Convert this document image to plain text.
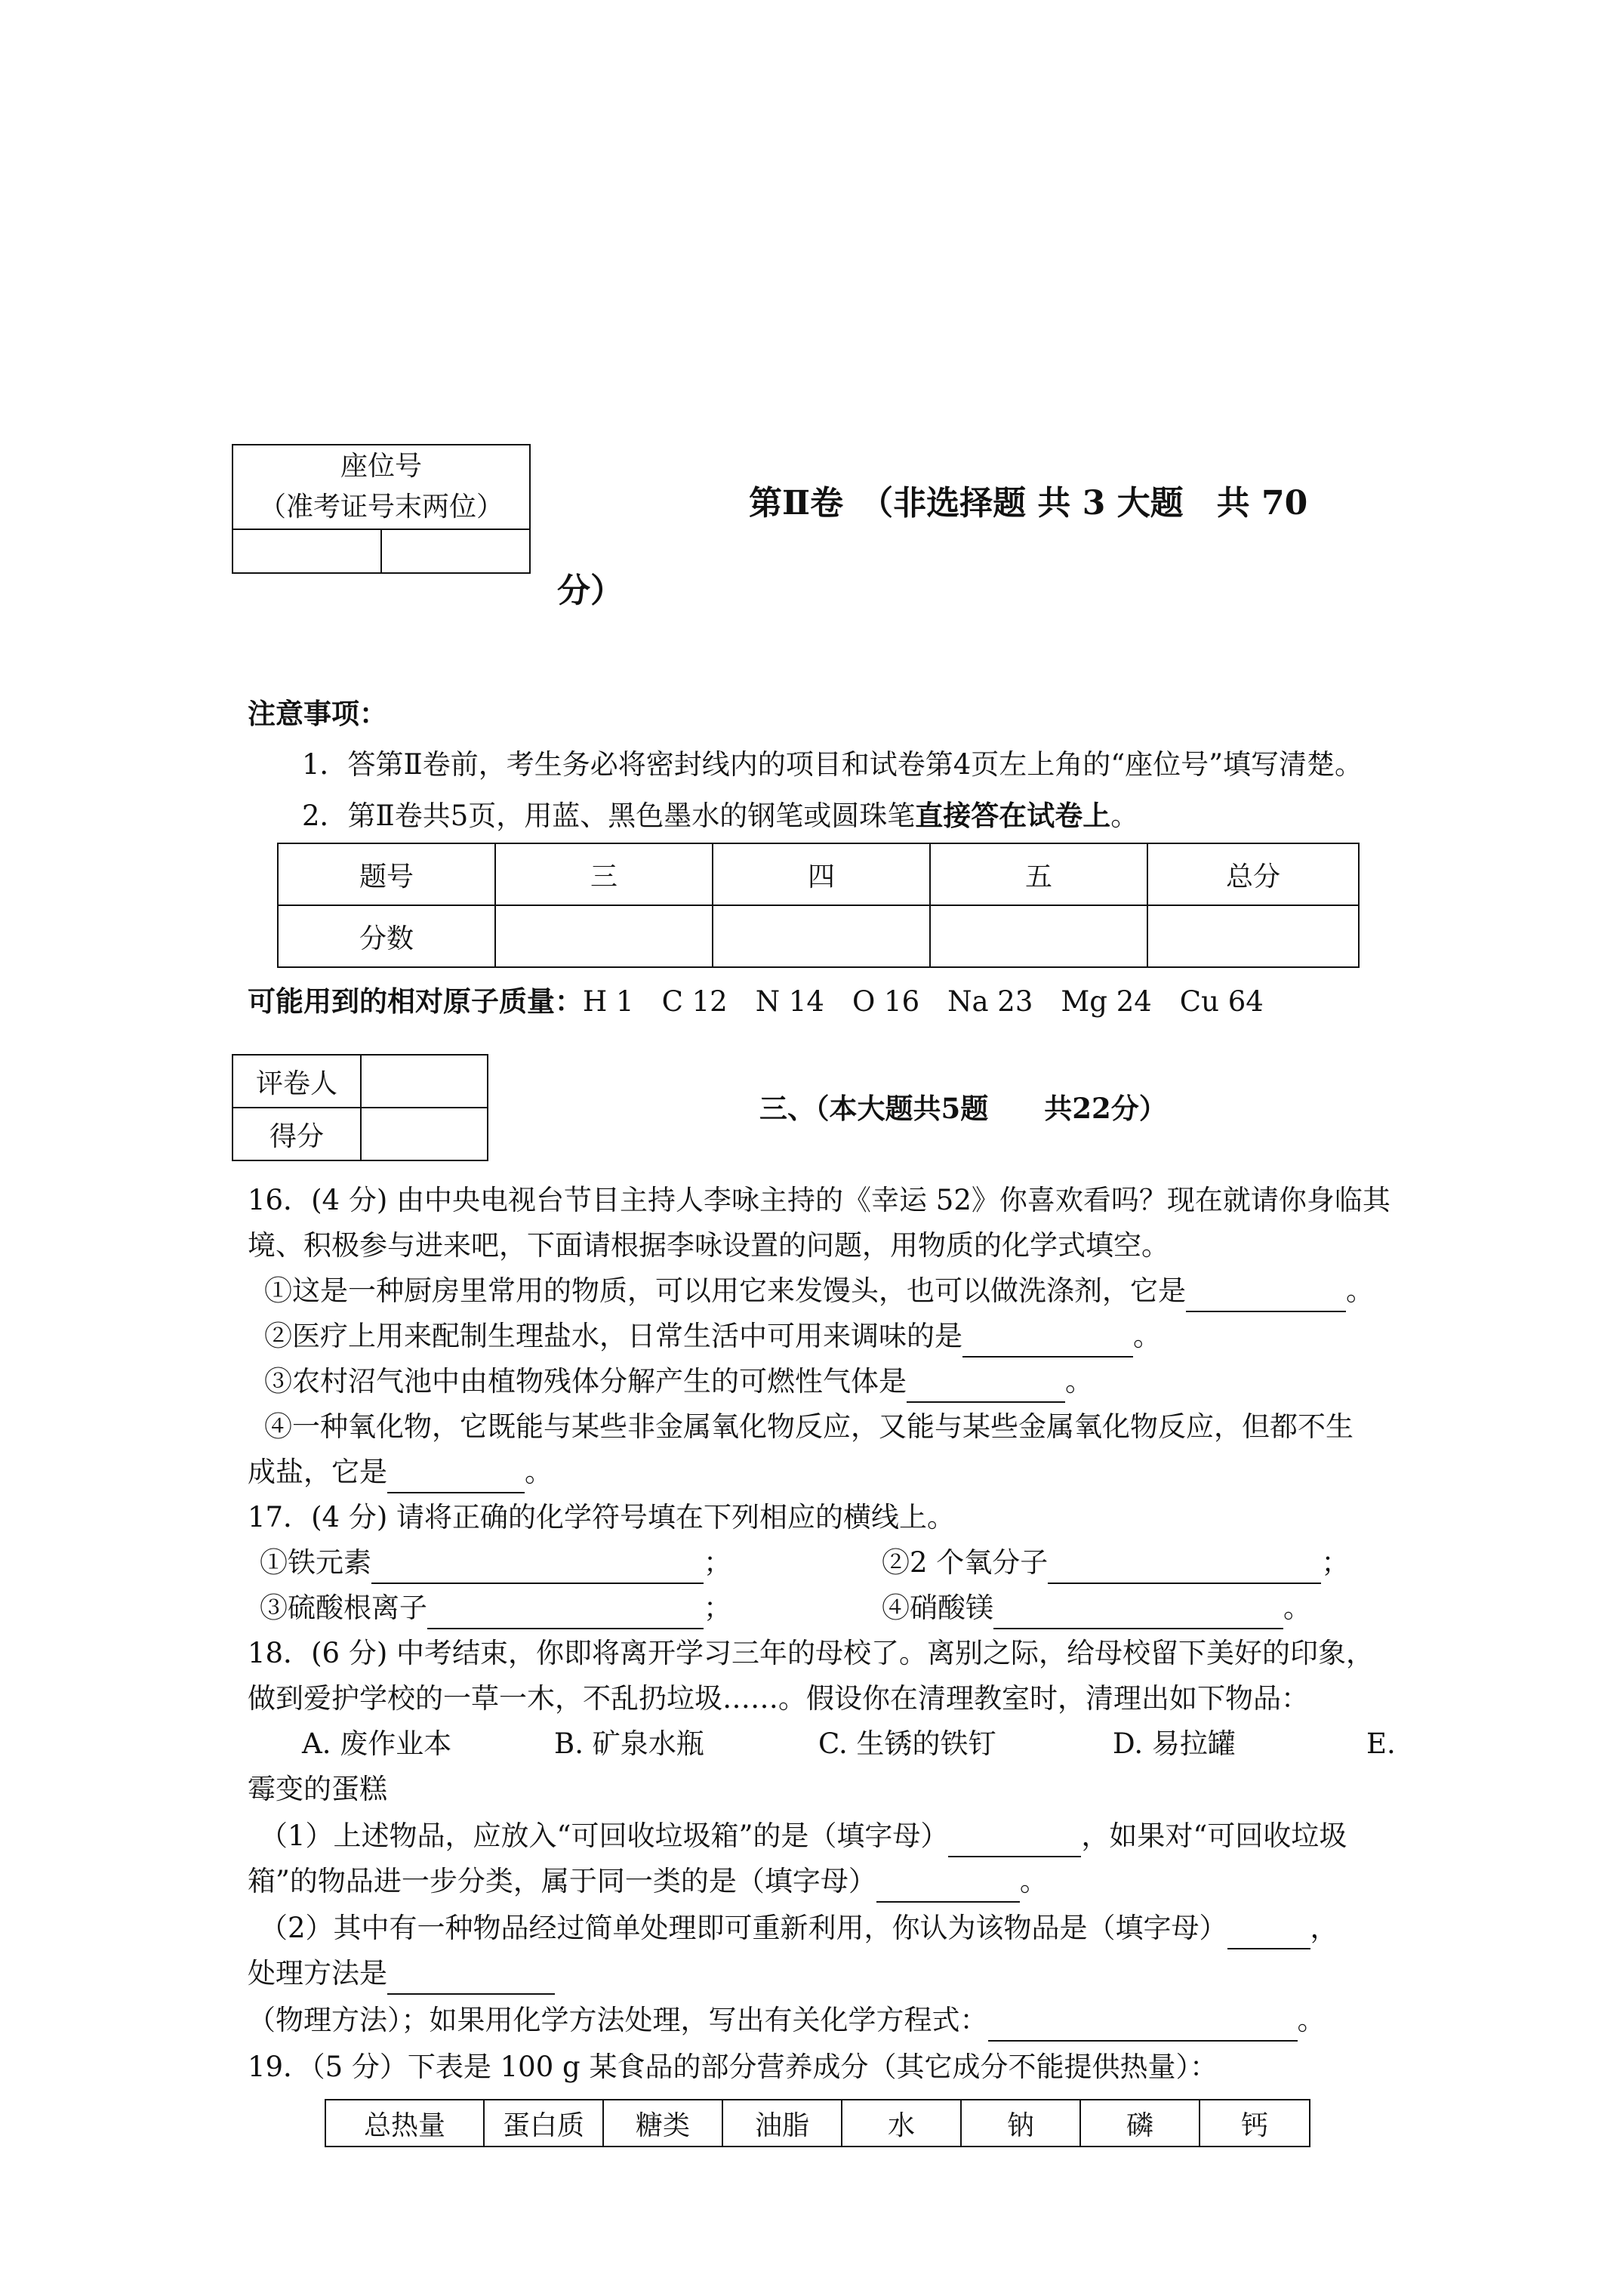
座位号
（准考证号末两位）
		第Ⅱ卷　（非选择题 共 3 大题　共 70
分）
注意事项：
1．答第Ⅱ卷前，考生务必将密封线内的项目和试卷第4页左上角的“座位号”填写清楚。
2．第Ⅱ卷共5页，用蓝、黑色墨水的钢笔或圆珠笔直接答在试卷上。
题号	三	四	五	总分
分数				
可能用到的相对原子质量：H 1　C 12　N 14　O 16　Na 23　Mg 24　Cu 64
评卷人	
得分	
三、（本大题共5题　　共22分）
16．(4 分) 由中央电视台节目主持人李咏主持的《幸运 52》你喜欢看吗？现在就请你身临其
境、积极参与进来吧，下面请根据李咏设置的问题，用物质的化学式填空。
①这是一种厨房里常用的物质，可以用它来发馒头，也可以做洗涤剂，它是	。
②医疗上用来配制生理盐水，日常生活中可用来调味的是	。
③农村沼气池中由植物残体分解产生的可燃性气体是	。
④一种氧化物，它既能与某些非金属氧化物反应，又能与某些金属氧化物反应，但都不生
成盐，它是	。
17．(4 分) 请将正确的化学符号填在下列相应的横线上。
①铁元素	；	②2 个氧分子	；
③硫酸根离子	；	④硝酸镁	。
18．(6 分) 中考结束，你即将离开学习三年的母校了。离别之际，给母校留下美好的印象，
做到爱护学校的一草一木，不乱扔垃圾……。假设你在清理教室时，清理出如下物品：
A. 废作业本	B. 矿泉水瓶	C. 生锈的铁钉	D. 易拉罐	E.
霉变的蛋糕
（1）上述物品，应放入“可回收垃圾箱”的是（填字母）	，如果对“可回收垃圾
箱”的物品进一步分类，属于同一类的是（填字母）	。
（2）其中有一种物品经过简单处理即可重新利用，你认为该物品是（填字母）	，
处理方法是
（物理方法）；如果用化学方法处理，写出有关化学方程式：	。
19．（5 分）下表是 100 g 某食品的部分营养成分（其它成分不能提供热量）：
总热量	蛋白质	糖类	油脂	水	钠	磷	钙
